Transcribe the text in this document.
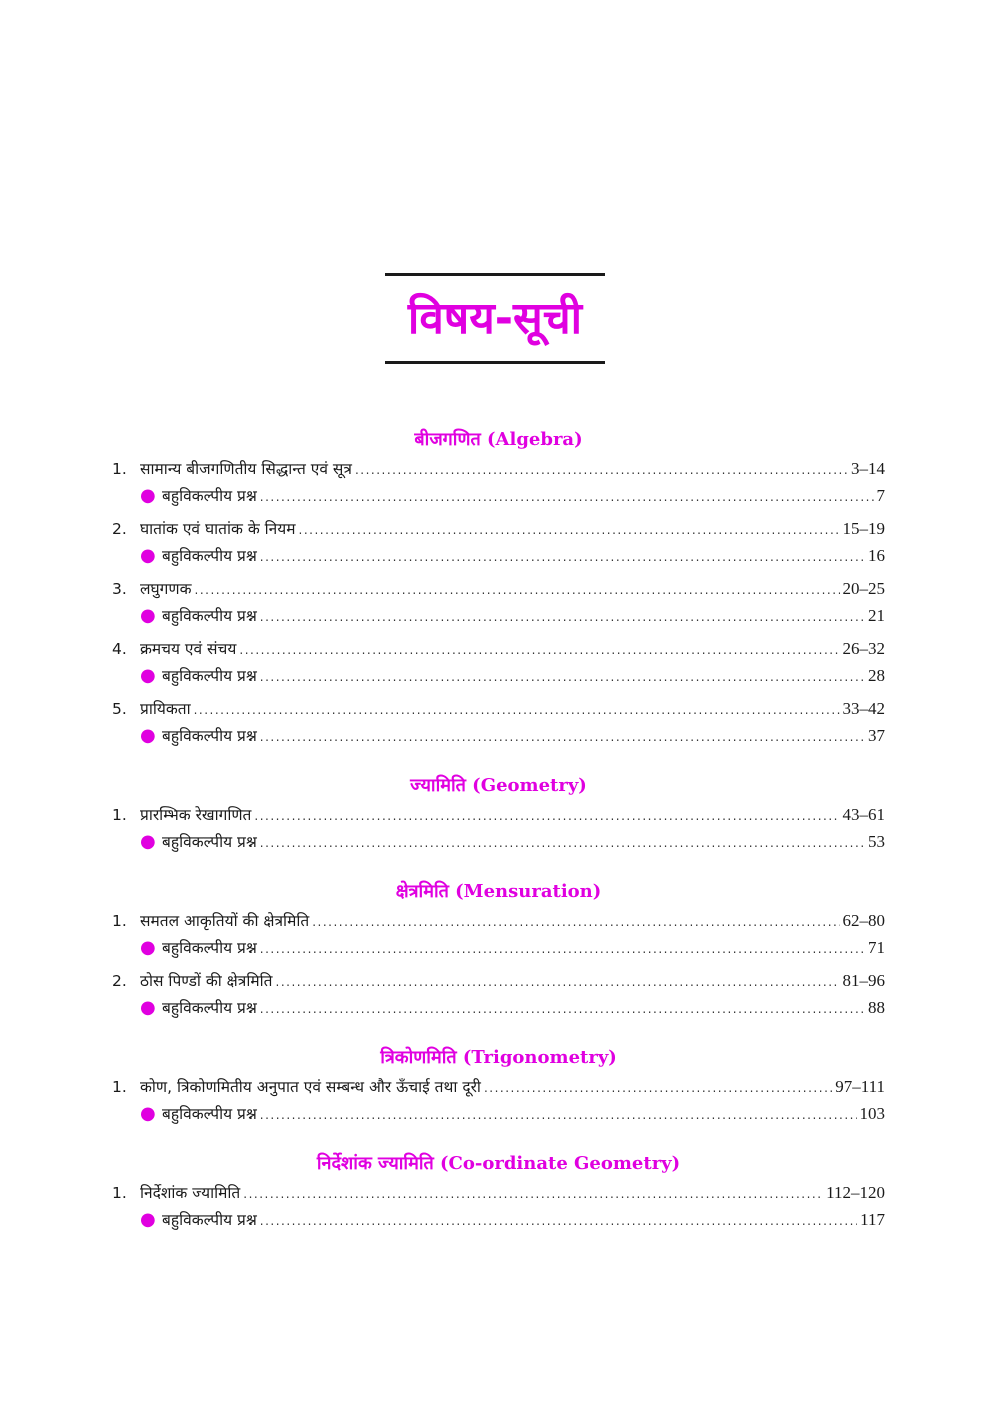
विषय-सूची
बीजगणित (Algebra)
1. सामान्य बीजगणितीय सिद्धान्त एवं सूत्र .....	3–14
● बहुविकल्पीय प्रश्न .....	7
2. घातांक एवं घातांक के नियम .....	15–19
● बहुविकल्पीय प्रश्न .....	16
3. लघुगणक .....	20–25
● बहुविकल्पीय प्रश्न .....	21
4. क्रमचय एवं संचय .....	26–32
● बहुविकल्पीय प्रश्न .....	28
5. प्रायिकता .....	33–42
● बहुविकल्पीय प्रश्न .....	37
ज्यामिति (Geometry)
1. प्रारम्भिक रेखागणित .....	43–61
● बहुविकल्पीय प्रश्न .....	53
क्षेत्रमिति (Mensuration)
1. समतल आकृतियों की क्षेत्रमिति .....	62–80
● बहुविकल्पीय प्रश्न .....	71
2. ठोस पिण्डों की क्षेत्रमिति .....	81–96
● बहुविकल्पीय प्रश्न .....	88
त्रिकोणमिति (Trigonometry)
1. कोण, त्रिकोणमितीय अनुपात एवं सम्बन्ध और ऊँचाई तथा दूरी .....	97–111
● बहुविकल्पीय प्रश्न .....	103
निर्देशांक ज्यामिति (Co-ordinate Geometry)
1. निर्देशांक ज्यामिति .....	112–120
● बहुविकल्पीय प्रश्न .....	117
